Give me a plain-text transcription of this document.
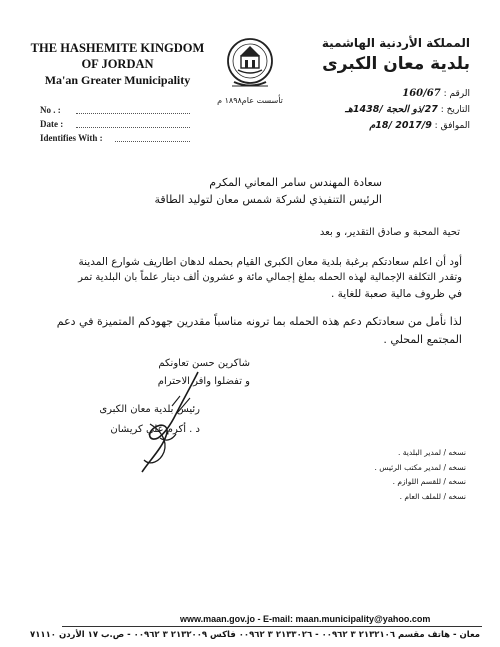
THE HASHEMITE KINGDOM
OF JORDAN
Ma'an Greater Municipality
No . :
Date :
Identifies With :
تأسست عام١٨٩٨ م
المملكة الأردنية الهاشمية
بلدية معان الكبرى
الرقم : 160/67
التاريخ : 27/ذو الحجة /1438هـ
الموافق : 2017/9 /18م
سعادة المهندس سامر المعاني المكرم
الرئيس التنفيذي لشركة شمس معان لتوليد الطاقة
تحية المحبة و صادق التقدير، و بعد
أود أن اعلم سعادتكم برغبة بلدية معان الكبرى القيام بحمله لدهان اطاريف شوارع المدينة
وتقدر التكلفة الإجمالية لهذه الحمله بملغ إجمالي مائة و عشرون ألف دينار علماً بان البلدية تمر
في ظروف مالية صعبة للغاية .
لذا نأمل من سعادتكم دعم هذه الحمله بما ترونه مناسباً مقدرين جهودكم المتميزة في دعم
المجتمع المحلي .
شاكرين حسن تعاونكم
و تفضلوا وافر الاحترام
رئيس بلدية معان الكبرى
د . أكرم علي كريشان
نسخه / لمدير البلدية .
نسخه / لمدير مكتب الرئيس .
نسخه / للقسم اللوازم .
نسخه / للملف العام .
www.maan.gov.jo - E-mail: maan.municipality@yahoo.com
معان - هاتف مقسم ٢١٣٢١٠٦ ٣ ٠٠٩٦٢ - ٢١٣٣٠٢٦ ٣ ٠٠٩٦٢ فاكس ٢١٣٢٠٠٩ ٣ ٠٠٩٦٢ - ص.ب ١٧ الأردن ٧١١١٠
